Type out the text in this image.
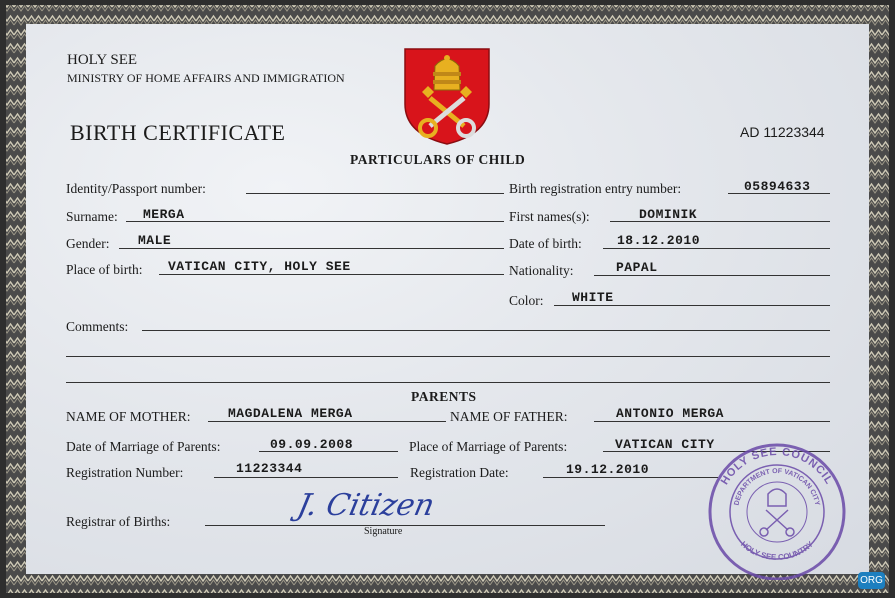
HOLY SEE
MINISTRY OF HOME AFFAIRS AND IMMIGRATION
BIRTH CERTIFICATE	AD 11223344
PARTICULARS OF CHILD
Identity/Passport number:	Birth registration entry number:	05894633
Surname: MERGA	First names(s):	DOMINIK
Gender: MALE	Date of birth:	18.12.2010
Place of birth: VATICAN CITY, HOLY SEE	Nationality:	PAPAL
Color: WHITE
Comments:
PARENTS
NAME OF MOTHER:	MAGDALENA MERGA	NAME OF FATHER:	ANTONIO MERGA
Date of Marriage of Parents:	09.09.2008	Place of Marriage of Parents:	VATICAN CITY
Registration Number:	11223344	Registration Date:	19.12.2010
Registrar of Births:	J. Citizen
Signature
HOLY SEE COUNCIL
DEPARTMENT OF VATICAN CITY
HOLY SEE COUNTRY
ORG
